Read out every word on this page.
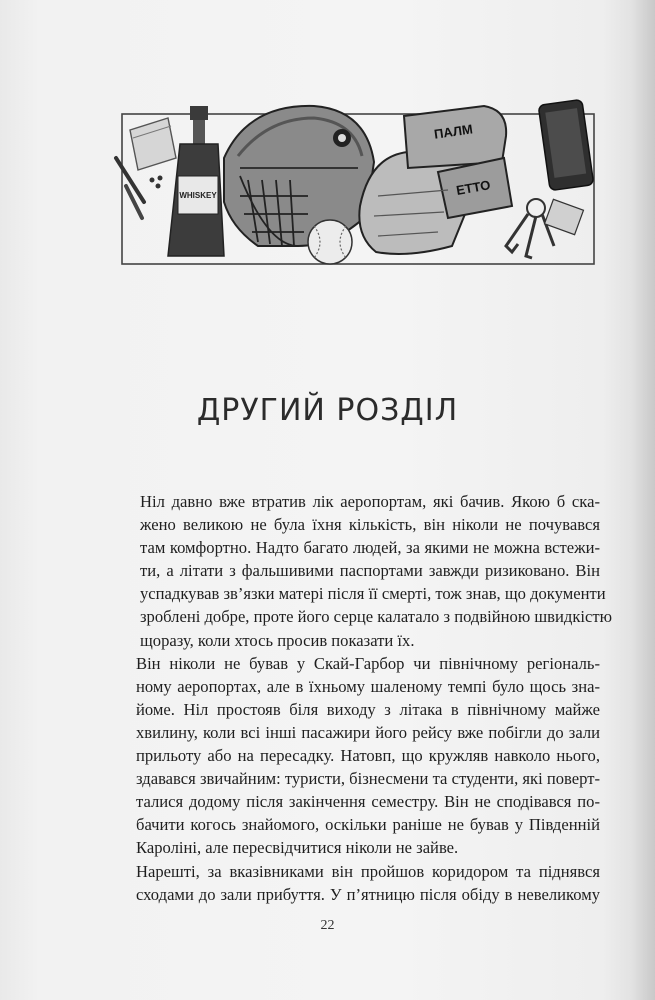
WHISKEY
ПАЛМ
ЕТТО
ДРУГИЙ РОЗДІЛ

Ніл давно вже втратив лік аеропортам, які бачив. Якою б ска-
жено великою не була їхня кількість, він ніколи не почувався
там комфортно. Надто багато людей, за якими не можна встежи-
ти, а літати з фальшивими паспортами завжди ризиковано. Він
успадкував зв’язки матері після її смерті, тож знав, що документи
зроблені добре, проте його серце калатало з подвійною швидкістю
щоразу, коли хтось просив показати їх.

Він ніколи не бував у Скай-Гарбор чи північному регіональ-
ному аеропортах, але в їхньому шаленому темпі було щось зна-
йоме. Ніл простояв біля виходу з літака в північному майже
хвилину, коли всі інші пасажири його рейсу вже побігли до зали
прильоту або на пересадку. Натовп, що кружляв навколо нього,
здавався звичайним: туристи, бізнесмени та студенти, які поверт-
талися додому після закінчення семестру. Він не сподівався по-
бачити когось знайомого, оскільки раніше не бував у Південній
Кароліні, але пересвідчитися ніколи не зайве.

Нарешті, за вказівниками він пройшов коридором та піднявся
сходами до зали прибуття. У п’ятницю після обіду в невеликому

22
